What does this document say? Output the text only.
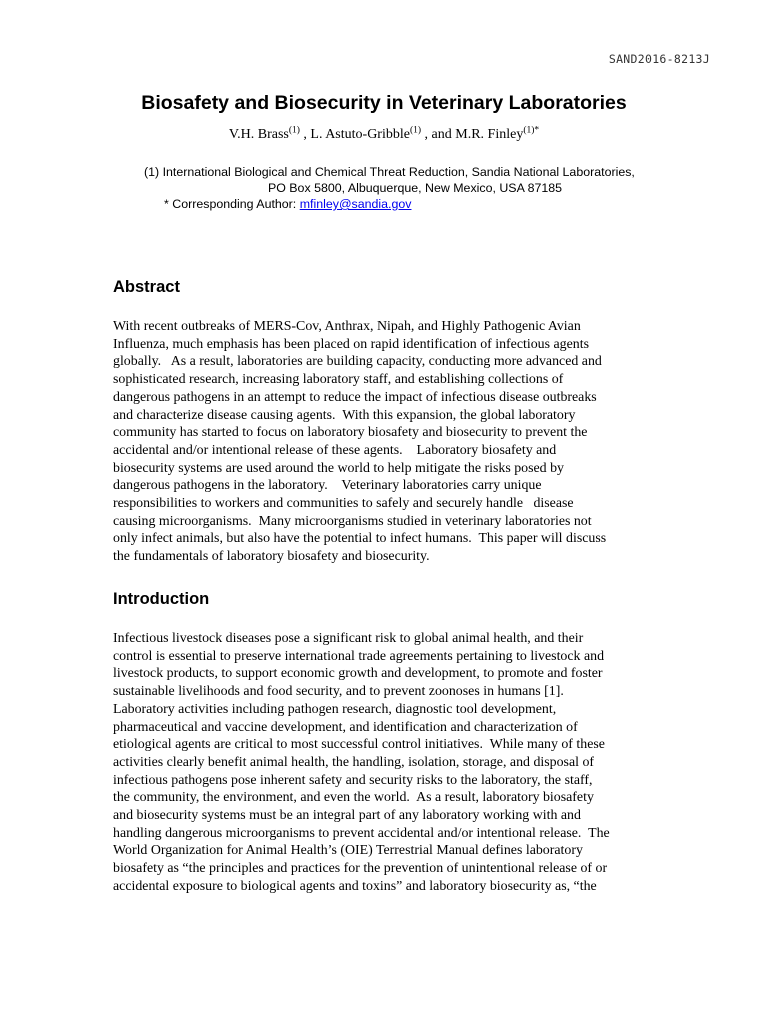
SAND2016-8213J
Biosafety and Biosecurity in Veterinary Laboratories
V.H. Brass$^{(1)}$ , L. Astuto-Gribble$^{(1)}$ , and M.R. Finley$^{(1)*}$
(1) International Biological and Chemical Threat Reduction, Sandia National Laboratories,
PO Box 5800, Albuquerque, New Mexico, USA 87185
* Corresponding Author: mfinley@sandia.gov
Abstract
With recent outbreaks of MERS-Cov, Anthrax, Nipah, and Highly Pathogenic Avian
Influenza, much emphasis has been placed on rapid identification of infectious agents
globally.   As a result, laboratories are building capacity, conducting more advanced and
sophisticated research, increasing laboratory staff, and establishing collections of
dangerous pathogens in an attempt to reduce the impact of infectious disease outbreaks
and characterize disease causing agents.  With this expansion, the global laboratory
community has started to focus on laboratory biosafety and biosecurity to prevent the
accidental and/or intentional release of these agents.    Laboratory biosafety and
biosecurity systems are used around the world to help mitigate the risks posed by
dangerous pathogens in the laboratory.    Veterinary laboratories carry unique
responsibilities to workers and communities to safely and securely handle   disease
causing microorganisms.  Many microorganisms studied in veterinary laboratories not
only infect animals, but also have the potential to infect humans.  This paper will discuss
the fundamentals of laboratory biosafety and biosecurity.
Introduction
Infectious livestock diseases pose a significant risk to global animal health, and their
control is essential to preserve international trade agreements pertaining to livestock and
livestock products, to support economic growth and development, to promote and foster
sustainable livelihoods and food security, and to prevent zoonoses in humans [1].
Laboratory activities including pathogen research, diagnostic tool development,
pharmaceutical and vaccine development, and identification and characterization of
etiological agents are critical to most successful control initiatives.  While many of these
activities clearly benefit animal health, the handling, isolation, storage, and disposal of
infectious pathogens pose inherent safety and security risks to the laboratory, the staff,
the community, the environment, and even the world.  As a result, laboratory biosafety
and biosecurity systems must be an integral part of any laboratory working with and
handling dangerous microorganisms to prevent accidental and/or intentional release.  The
World Organization for Animal Health’s (OIE) Terrestrial Manual defines laboratory
biosafety as “the principles and practices for the prevention of unintentional release of or
accidental exposure to biological agents and toxins” and laboratory biosecurity as, “the
